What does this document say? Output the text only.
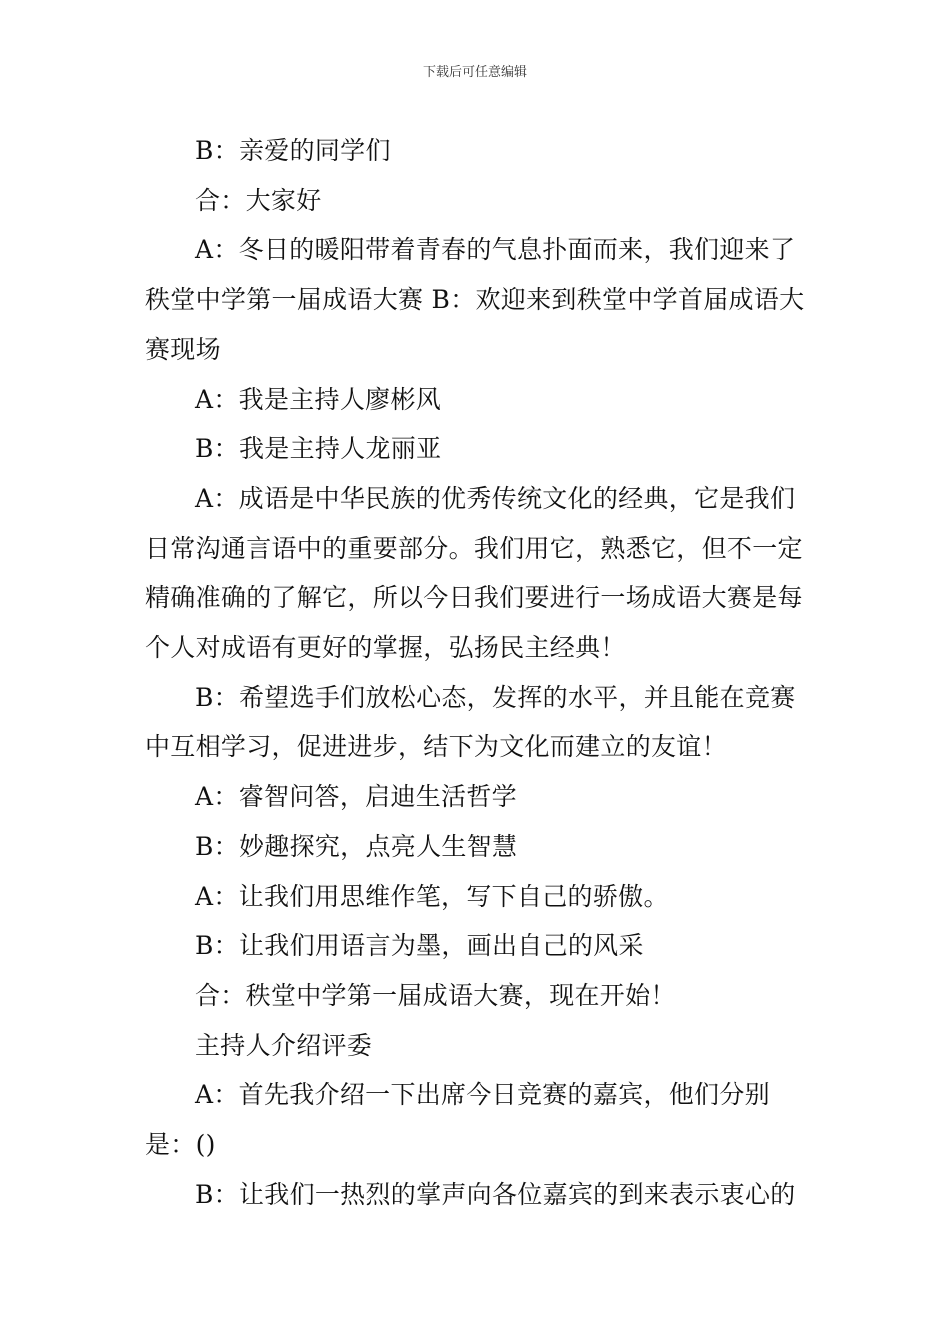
下载后可任意编辑

B：亲爱的同学们

合：大家好

A：冬日的暖阳带着青春的气息扑面而来，我们迎来了秩堂中学第一届成语大赛 B：欢迎来到秩堂中学首届成语大赛现场

A：我是主持人廖彬风

B：我是主持人龙丽亚

A：成语是中华民族的优秀传统文化的经典，它是我们日常沟通言语中的重要部分。我们用它，熟悉它，但不一定精确准确的了解它，所以今日我们要进行一场成语大赛是每个人对成语有更好的掌握，弘扬民主经典！

B：希望选手们放松心态，发挥的水平，并且能在竞赛中互相学习，促进进步，结下为文化而建立的友谊！

A：睿智问答，启迪生活哲学

B：妙趣探究，点亮人生智慧

A：让我们用思维作笔，写下自己的骄傲。

B：让我们用语言为墨，画出自己的风采

合：秩堂中学第一届成语大赛，现在开始！

主持人介绍评委

A：首先我介绍一下出席今日竞赛的嘉宾，他们分别是：()

B：让我们一热烈的掌声向各位嘉宾的到来表示衷心的
